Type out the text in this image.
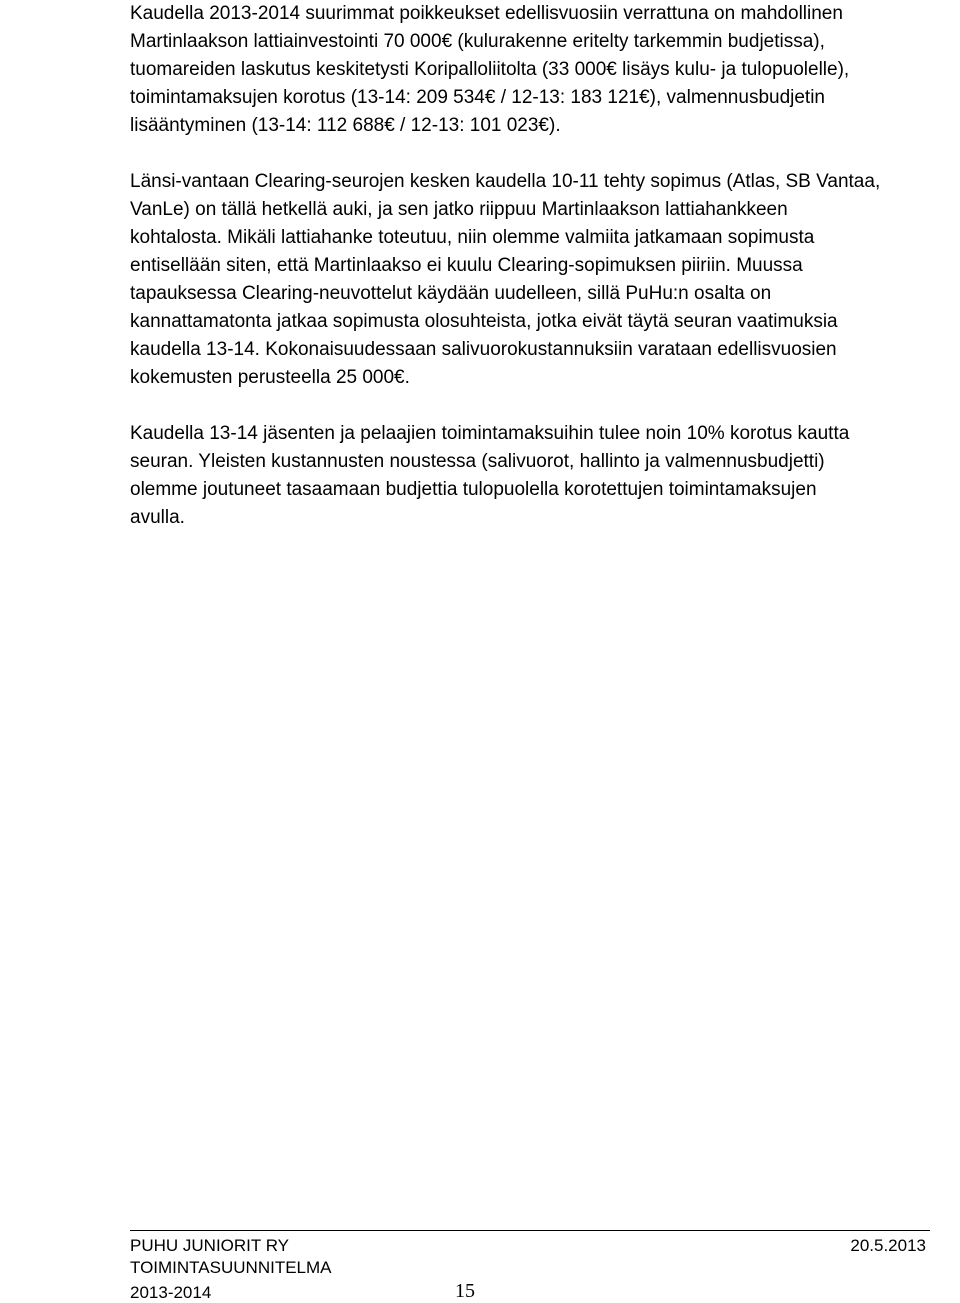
Kaudella 2013-2014 suurimmat poikkeukset edellisvuosiin verrattuna on mahdollinen
Martinlaakson lattiainvestointi 70 000€ (kulurakenne eritelty tarkemmin budjetissa),
tuomareiden laskutus keskitetysti Koripalloliitolta (33 000€ lisäys kulu- ja tulopuolelle),
toimintamaksujen korotus (13-14: 209 534€ / 12-13: 183 121€), valmennusbudjetin
lisääntyminen (13-14: 112 688€ / 12-13: 101 023€).

Länsi-vantaan Clearing-seurojen kesken kaudella 10-11 tehty sopimus (Atlas, SB Vantaa,
VanLe) on tällä hetkellä auki, ja sen jatko riippuu Martinlaakson lattiahankkeen
kohtalosta. Mikäli lattiahanke toteutuu, niin olemme valmiita jatkamaan sopimusta
entisellään siten, että Martinlaakso ei kuulu Clearing-sopimuksen piiriin. Muussa
tapauksessa Clearing-neuvottelut käydään uudelleen, sillä PuHu:n osalta on
kannattamatonta jatkaa sopimusta olosuhteista, jotka eivät täytä seuran vaatimuksia
kaudella 13-14. Kokonaisuudessaan salivuorokustannuksiin varataan edellisvuosien
kokemusten perusteella 25 000€.

Kaudella 13-14 jäsenten ja pelaajien toimintamaksuihin tulee noin 10% korotus kautta
seuran. Yleisten kustannusten noustessa (salivuorot, hallinto ja valmennusbudjetti)
olemme joutuneet tasaamaan budjettia tulopuolella korotettujen toimintamaksujen
avulla.

PUHU JUNIORIT RY
TOIMINTASUUNNITELMA
2013-2014
20.5.2013
15
